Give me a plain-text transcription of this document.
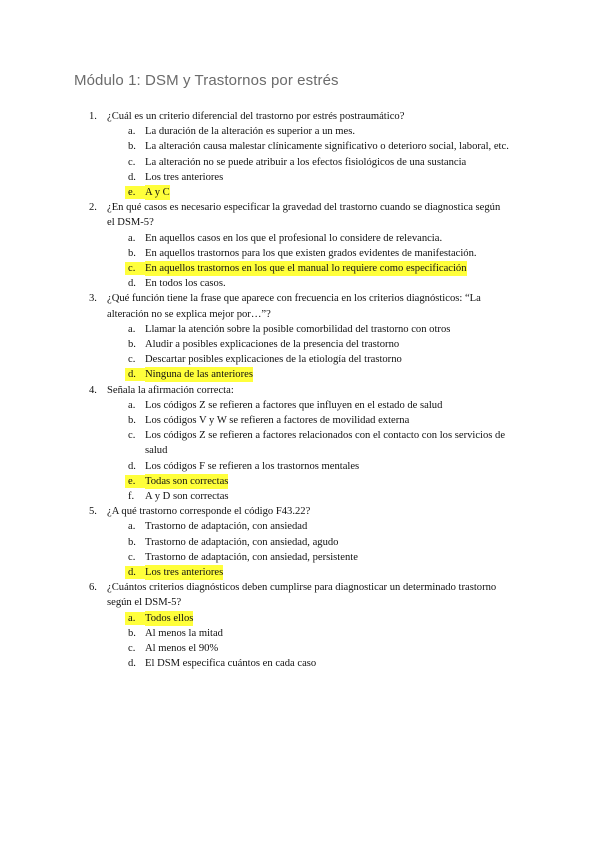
Módulo 1: DSM y Trastornos por estrés
1. ¿Cuál es un criterio diferencial del trastorno por estrés postraumático?
a. La duración de la alteración es superior a un mes.
b. La alteración causa malestar clínicamente significativo o deterioro social, laboral, etc.
c. La alteración no se puede atribuir a los efectos fisiológicos de una sustancia
d. Los tres anteriores
e. A y C
2. ¿En qué casos es necesario especificar la gravedad del trastorno cuando se diagnostica según
el DSM-5?
a. En aquellos casos en los que el profesional lo considere de relevancia.
b. En aquellos trastornos para los que existen grados evidentes de manifestación.
c. En aquellos trastornos en los que el manual lo requiere como especificación
d. En todos los casos.
3. ¿Qué función tiene la frase que aparece con frecuencia en los criterios diagnósticos: “La
alteración no se explica mejor por…”?
a. Llamar la atención sobre la posible comorbilidad del trastorno con otros
b. Aludir a posibles explicaciones de la presencia del trastorno
c. Descartar posibles explicaciones de la etiología del trastorno
d. Ninguna de las anteriores
4. Señala la afirmación correcta:
a. Los códigos Z se refieren a factores que influyen en el estado de salud
b. Los códigos V y W se refieren a factores de movilidad externa
c. Los códigos Z se refieren a factores relacionados con el contacto con los servicios de
salud
d. Los códigos F se refieren a los trastornos mentales
e. Todas son correctas
f.	A y D son correctas
5. ¿A qué trastorno corresponde el código F43.22?
a. Trastorno de adaptación, con ansiedad
b. Trastorno de adaptación, con ansiedad, agudo
c. Trastorno de adaptación, con ansiedad, persistente
d. Los tres anteriores
6. ¿Cuántos criterios diagnósticos deben cumplirse para diagnosticar un determinado trastorno
según el DSM-5?
a. Todos ellos
b. Al menos la mitad
c. Al menos el 90%
d. El DSM especifica cuántos en cada caso
